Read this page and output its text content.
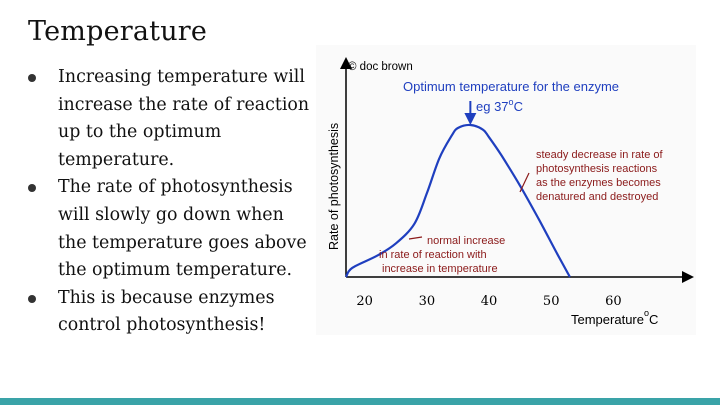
Temperature
Increasing temperature will increase the rate of reaction up to the optimum temperature.
The rate of photosynthesis will slowly go down when the temperature goes above the optimum temperature.
This is because enzymes control photosynthesis!
Rate of photosynthesis
© doc brown
Optimum temperature for the enzyme
eg 37$^o$C
steady decrease in rate of
photosynthesis reactions
as the enzymes becomes
denatured and destroyed
normal increase
in rate of reaction with
increase in temperature
20	30	40	50	60
Temperature$^o$C
